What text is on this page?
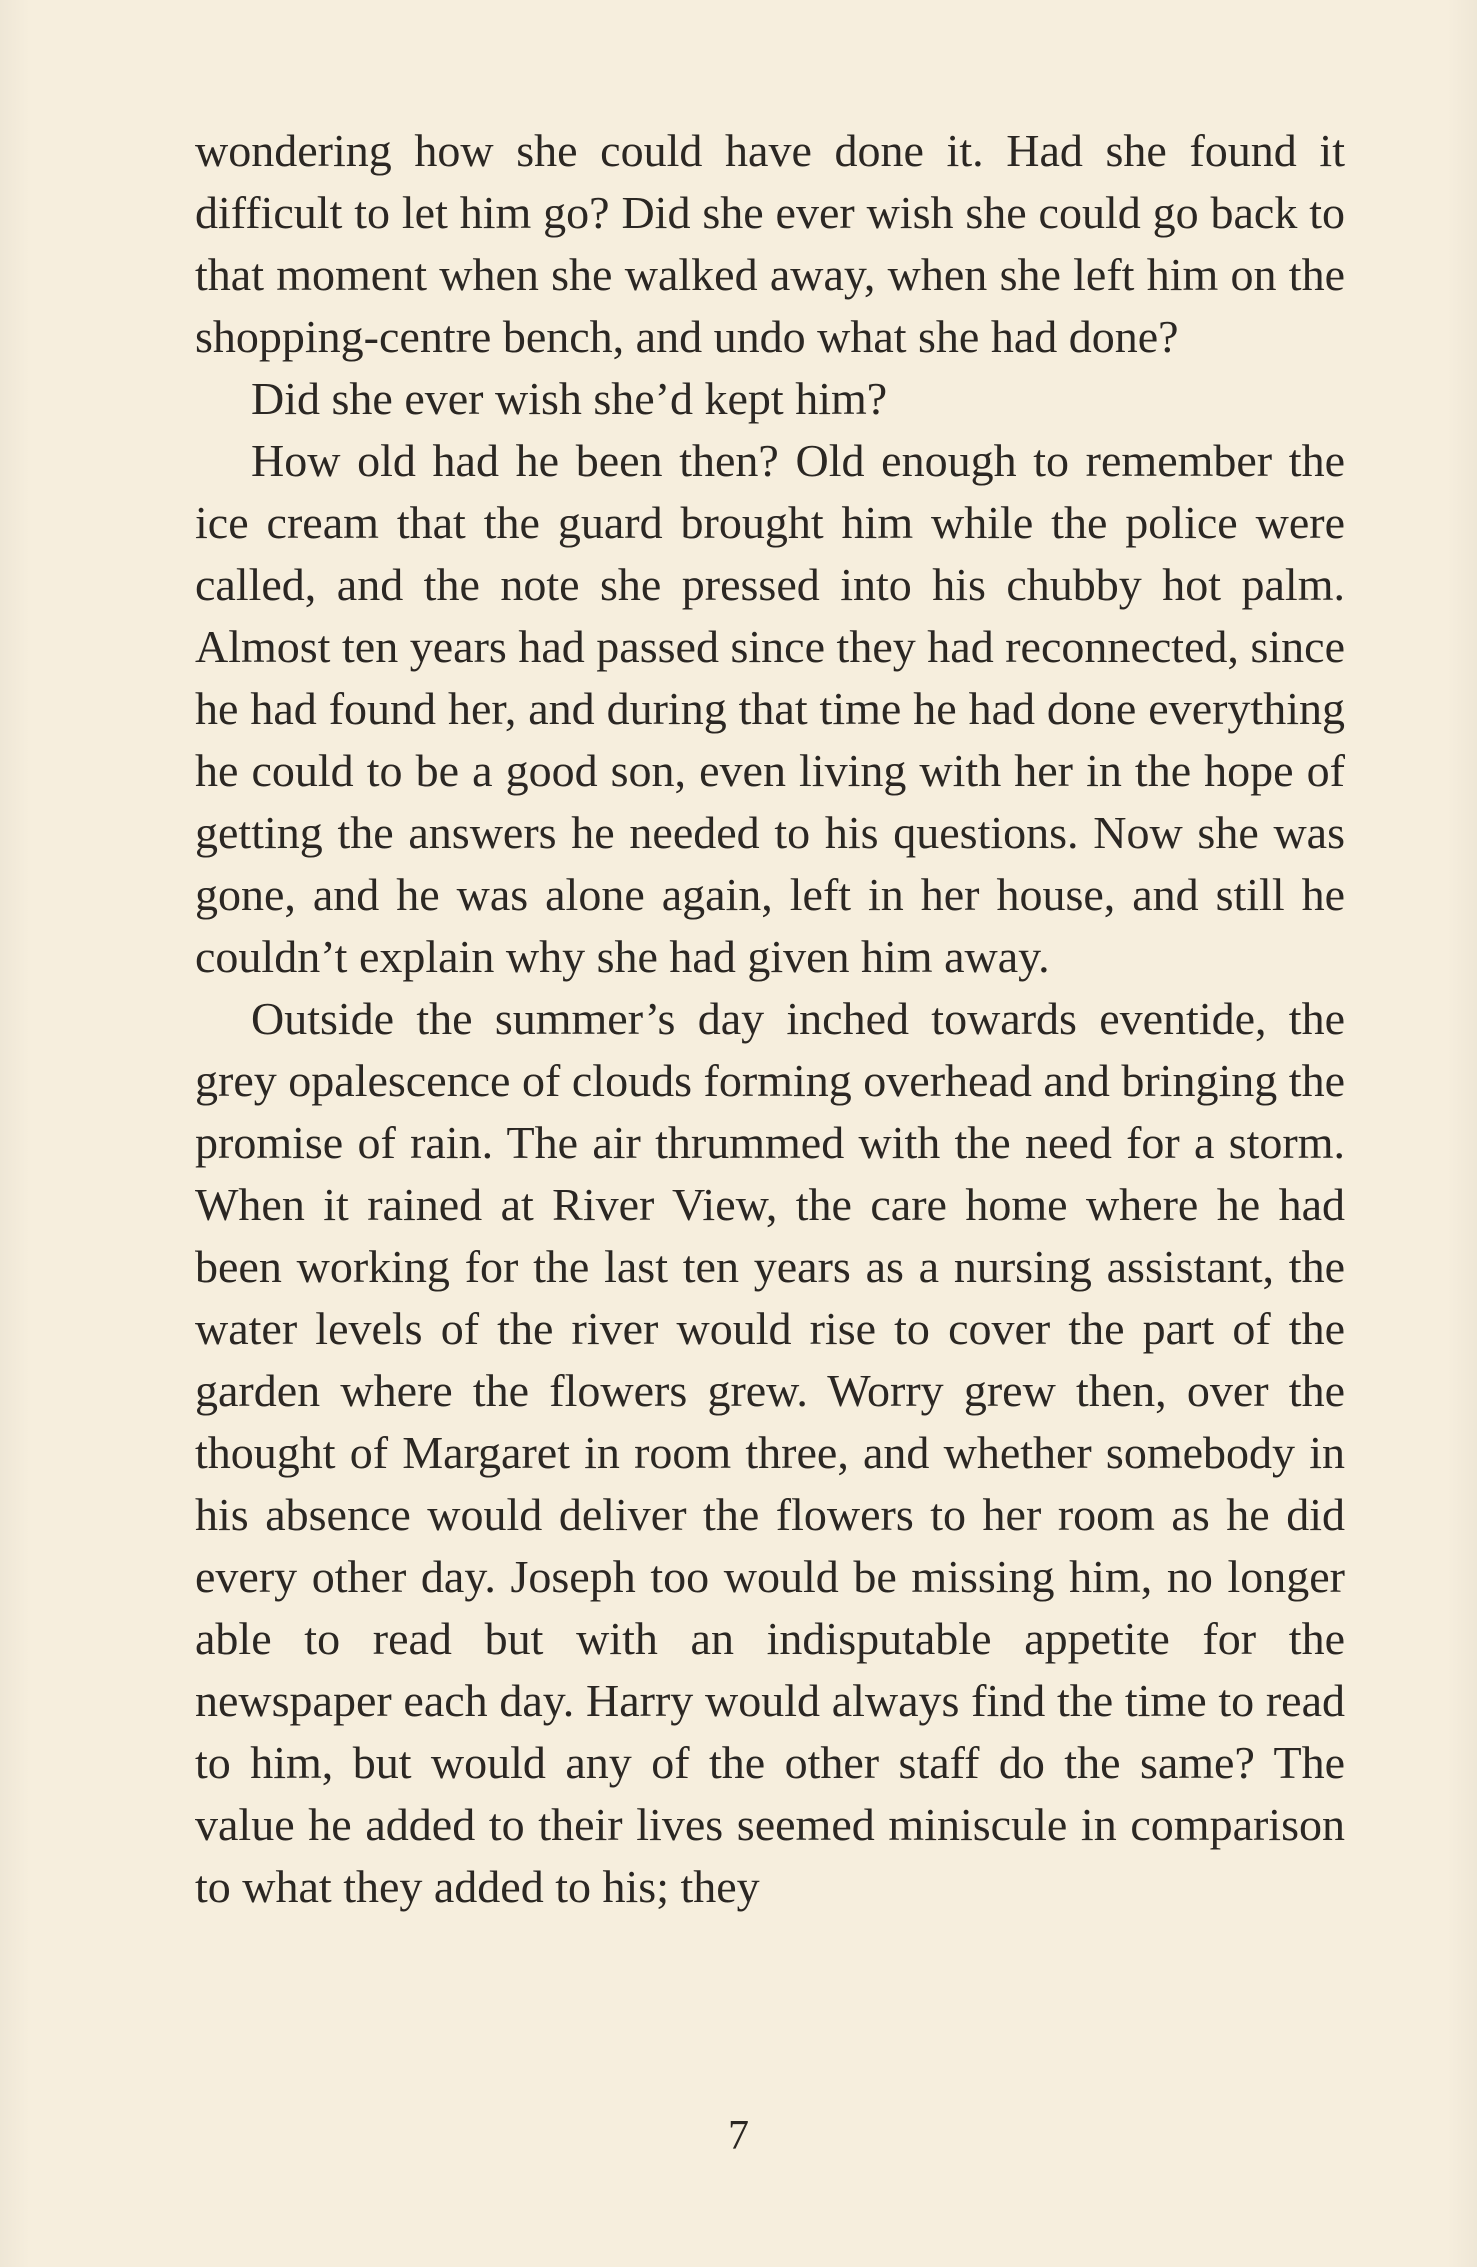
wondering how she could have done it. Had she found it difficult to let him go? Did she ever wish she could go back to that moment when she walked away, when she left him on the shopping-centre bench, and undo what she had done?

Did she ever wish she’d kept him?

How old had he been then? Old enough to remember the ice cream that the guard brought him while the police were called, and the note she pressed into his chubby hot palm. Almost ten years had passed since they had reconnected, since he had found her, and during that time he had done everything he could to be a good son, even living with her in the hope of getting the answers he needed to his questions. Now she was gone, and he was alone again, left in her house, and still he couldn’t explain why she had given him away.

Outside the summer’s day inched towards eventide, the grey opalescence of clouds forming overhead and bringing the promise of rain. The air thrummed with the need for a storm. When it rained at River View, the care home where he had been working for the last ten years as a nursing assistant, the water levels of the river would rise to cover the part of the garden where the flowers grew. Worry grew then, over the thought of Margaret in room three, and whether somebody in his absence would deliver the flowers to her room as he did every other day. Joseph too would be missing him, no longer able to read but with an indisputable appetite for the newspaper each day. Harry would always find the time to read to him, but would any of the other staff do the same? The value he added to their lives seemed miniscule in comparison to what they added to his; they

7
